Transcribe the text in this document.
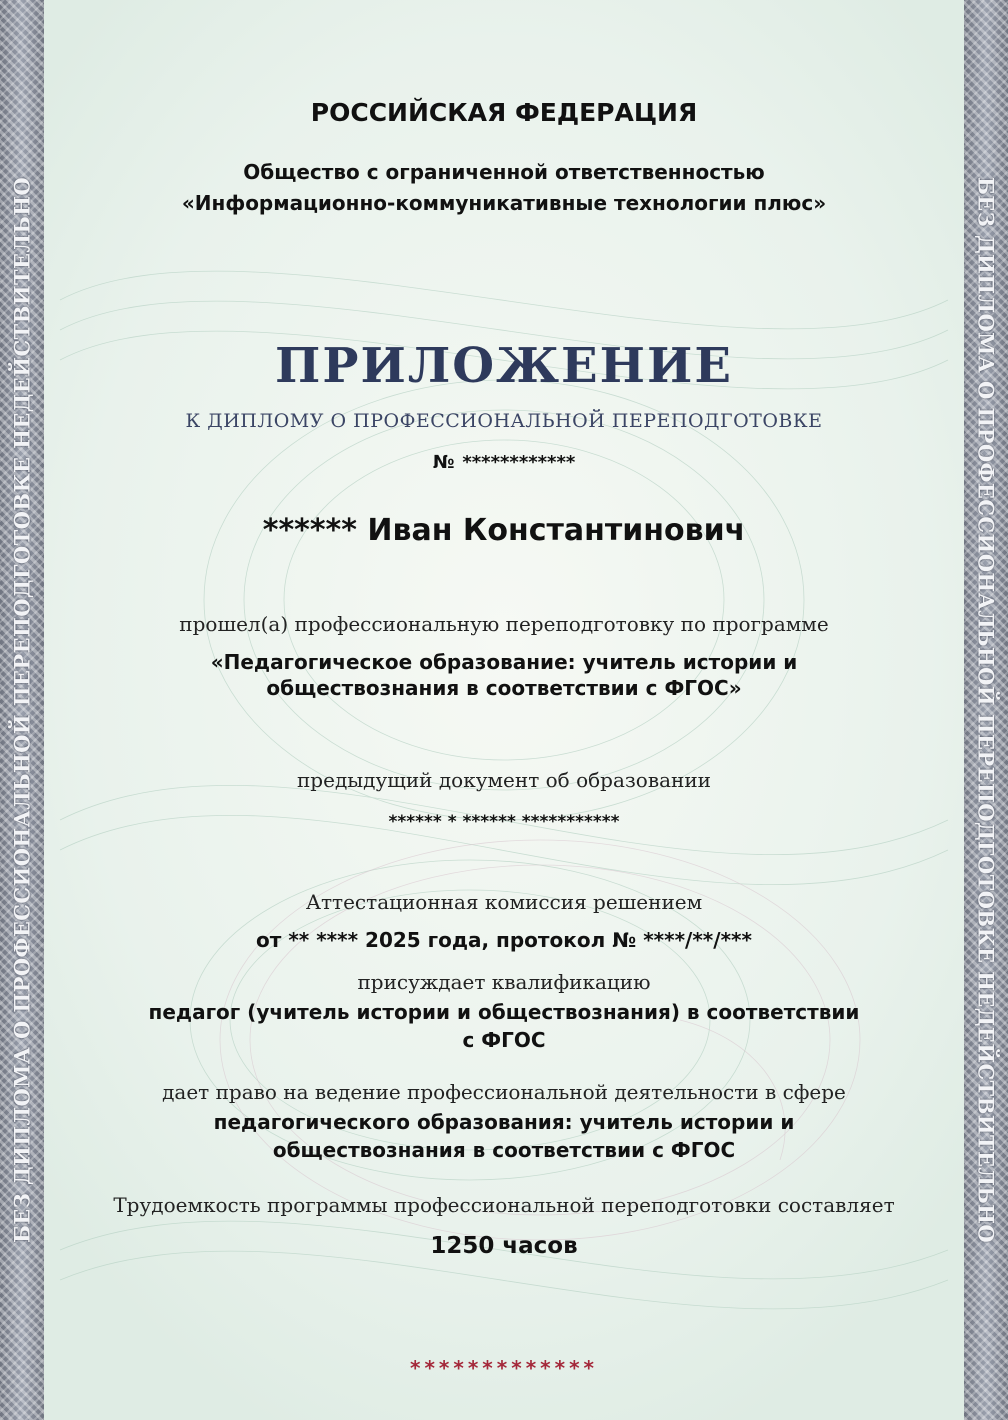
БЕЗ ДИПЛОМА О ПРОФЕССИОНАЛЬНОЙ ПЕРЕПОДГОТОВКЕ НЕДЕЙСТВИТЕЛЬНО	БЕЗ ДИПЛОМА О ПРОФЕССИОНАЛЬНОЙ ПЕРЕПОДГОТОВКЕ НЕДЕЙСТВИТЕЛЬНО
РОССИЙСКАЯ ФЕДЕРАЦИЯ
Общество с ограниченной ответственностью
«Информационно-коммуникативные технологии плюс»
ПРИЛОЖЕНИЕ
К ДИПЛОМУ О ПРОФЕССИОНАЛЬНОЙ ПЕРЕПОДГОТОВКЕ
№ ************
****** Иван Константинович
прошел(а) профессиональную переподготовку по программе
«Педагогическое образование: учитель истории и
обществознания в соответствии с ФГОС»
предыдущий документ об образовании
****** * ****** ***********
Аттестационная комиссия решением
от ** **** 2025 года, протокол № ****/**/***
присуждает квалификацию
педагог (учитель истории и обществознания) в соответствии
с ФГОС
дает право на ведение профессиональной деятельности в сфере
педагогического образования: учитель истории и
обществознания в соответствии с ФГОС
Трудоемкость программы профессиональной переподготовки составляет
1250 часов
*************
